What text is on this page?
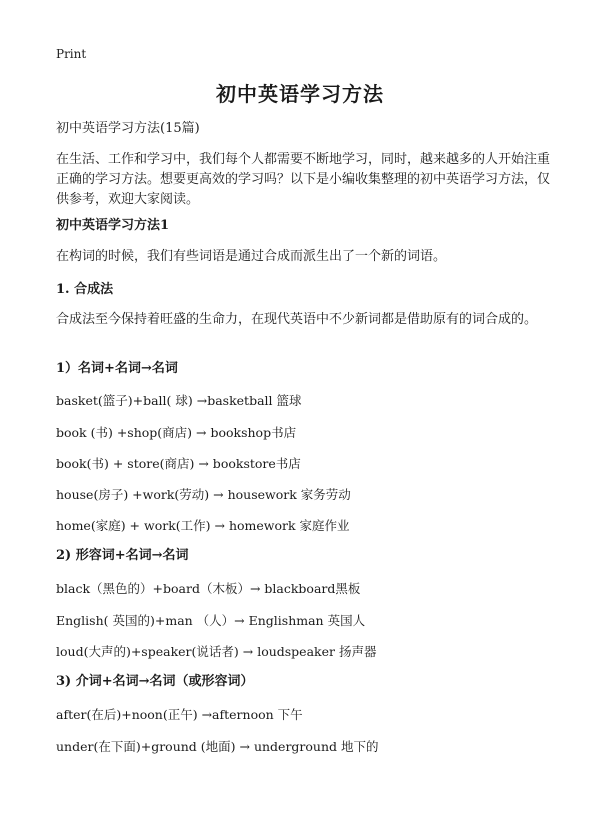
Print
初中英语学习方法
初中英语学习方法(15篇)
在生活、工作和学习中，我们每个人都需要不断地学习，同时，越来越多的人开始注重正确的学习方法。想要更高效的学习吗？以下是小编收集整理的初中英语学习方法，仅供参考，欢迎大家阅读。
初中英语学习方法1
在构词的时候，我们有些词语是通过合成而派生出了一个新的词语。
1. 合成法
合成法至今保持着旺盛的生命力，在现代英语中不少新词都是借助原有的词合成的。
1）名词+名词→名词
basket(篮子)+ball( 球) →basketball 篮球
book (书) +shop(商店) → bookshop书店
book(书) + store(商店) → bookstore书店
house(房子) +work(劳动) → housework 家务劳动
home(家庭) + work(工作) → homework 家庭作业
2) 形容词+名词→名词
black（黑色的）+board（木板）→ blackboard黑板
English( 英国的)+man （人）→ Englishman 英国人
loud(大声的)+speaker(说话者) → loudspeaker 扬声器
3) 介词+名词→名词（或形容词）
after(在后)+noon(正午) →afternoon 下午
under(在下面)+ground (地面) → underground 地下的
